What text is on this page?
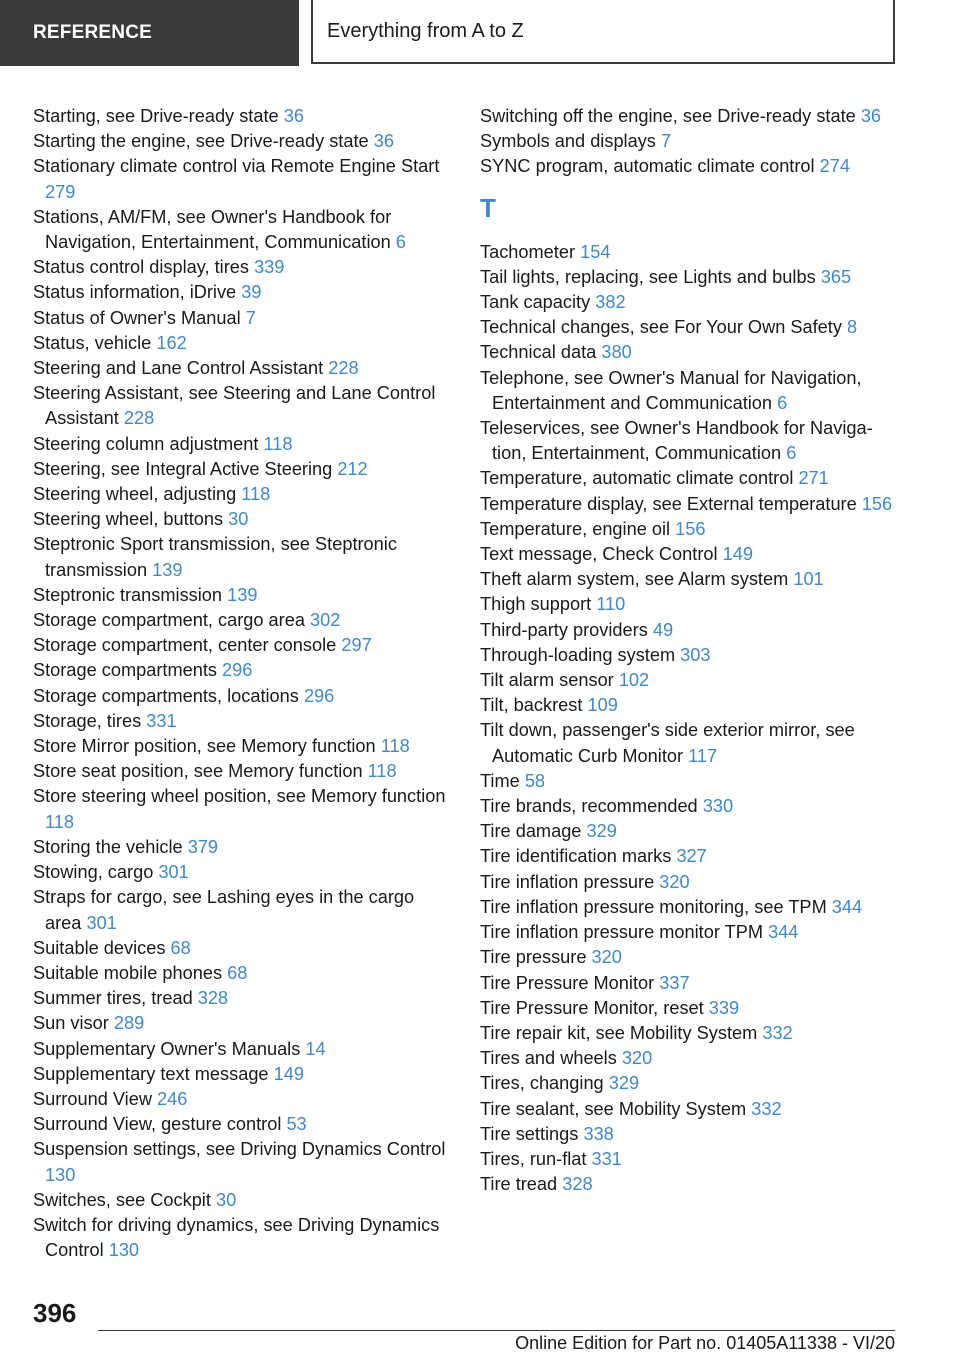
REFERENCE	Everything from A to Z
Starting, see Drive-ready state 36
Starting the engine, see Drive-ready state 36
Stationary climate control via Remote Engine Start 279
Stations, AM/FM, see Owner's Handbook for Navigation, Entertainment, Communication 6
Status control display, tires 339
Status information, iDrive 39
Status of Owner's Manual 7
Status, vehicle 162
Steering and Lane Control Assistant 228
Steering Assistant, see Steering and Lane Control Assistant 228
Steering column adjustment 118
Steering, see Integral Active Steering 212
Steering wheel, adjusting 118
Steering wheel, buttons 30
Steptronic Sport transmission, see Steptronic transmission 139
Steptronic transmission 139
Storage compartment, cargo area 302
Storage compartment, center console 297
Storage compartments 296
Storage compartments, locations 296
Storage, tires 331
Store Mirror position, see Memory function 118
Store seat position, see Memory function 118
Store steering wheel position, see Memory function 118
Storing the vehicle 379
Stowing, cargo 301
Straps for cargo, see Lashing eyes in the cargo area 301
Suitable devices 68
Suitable mobile phones 68
Summer tires, tread 328
Sun visor 289
Supplementary Owner's Manuals 14
Supplementary text message 149
Surround View 246
Surround View, gesture control 53
Suspension settings, see Driving Dynamics Control 130
Switches, see Cockpit 30
Switch for driving dynamics, see Driving Dynamics Control 130
Switching off the engine, see Drive-ready state 36
Symbols and displays 7
SYNC program, automatic climate control 274
T
Tachometer 154
Tail lights, replacing, see Lights and bulbs 365
Tank capacity 382
Technical changes, see For Your Own Safety 8
Technical data 380
Telephone, see Owner's Manual for Navigation, Entertainment and Communication 6
Teleservices, see Owner's Handbook for Navigation, Entertainment, Communication 6
Temperature, automatic climate control 271
Temperature display, see External temperature 156
Temperature, engine oil 156
Text message, Check Control 149
Theft alarm system, see Alarm system 101
Thigh support 110
Third-party providers 49
Through-loading system 303
Tilt alarm sensor 102
Tilt, backrest 109
Tilt down, passenger's side exterior mirror, see Automatic Curb Monitor 117
Time 58
Tire brands, recommended 330
Tire damage 329
Tire identification marks 327
Tire inflation pressure 320
Tire inflation pressure monitoring, see TPM 344
Tire inflation pressure monitor TPM 344
Tire pressure 320
Tire Pressure Monitor 337
Tire Pressure Monitor, reset 339
Tire repair kit, see Mobility System 332
Tires and wheels 320
Tires, changing 329
Tire sealant, see Mobility System 332
Tire settings 338
Tires, run-flat 331
Tire tread 328
396
Online Edition for Part no. 01405A11338 - VI/20
